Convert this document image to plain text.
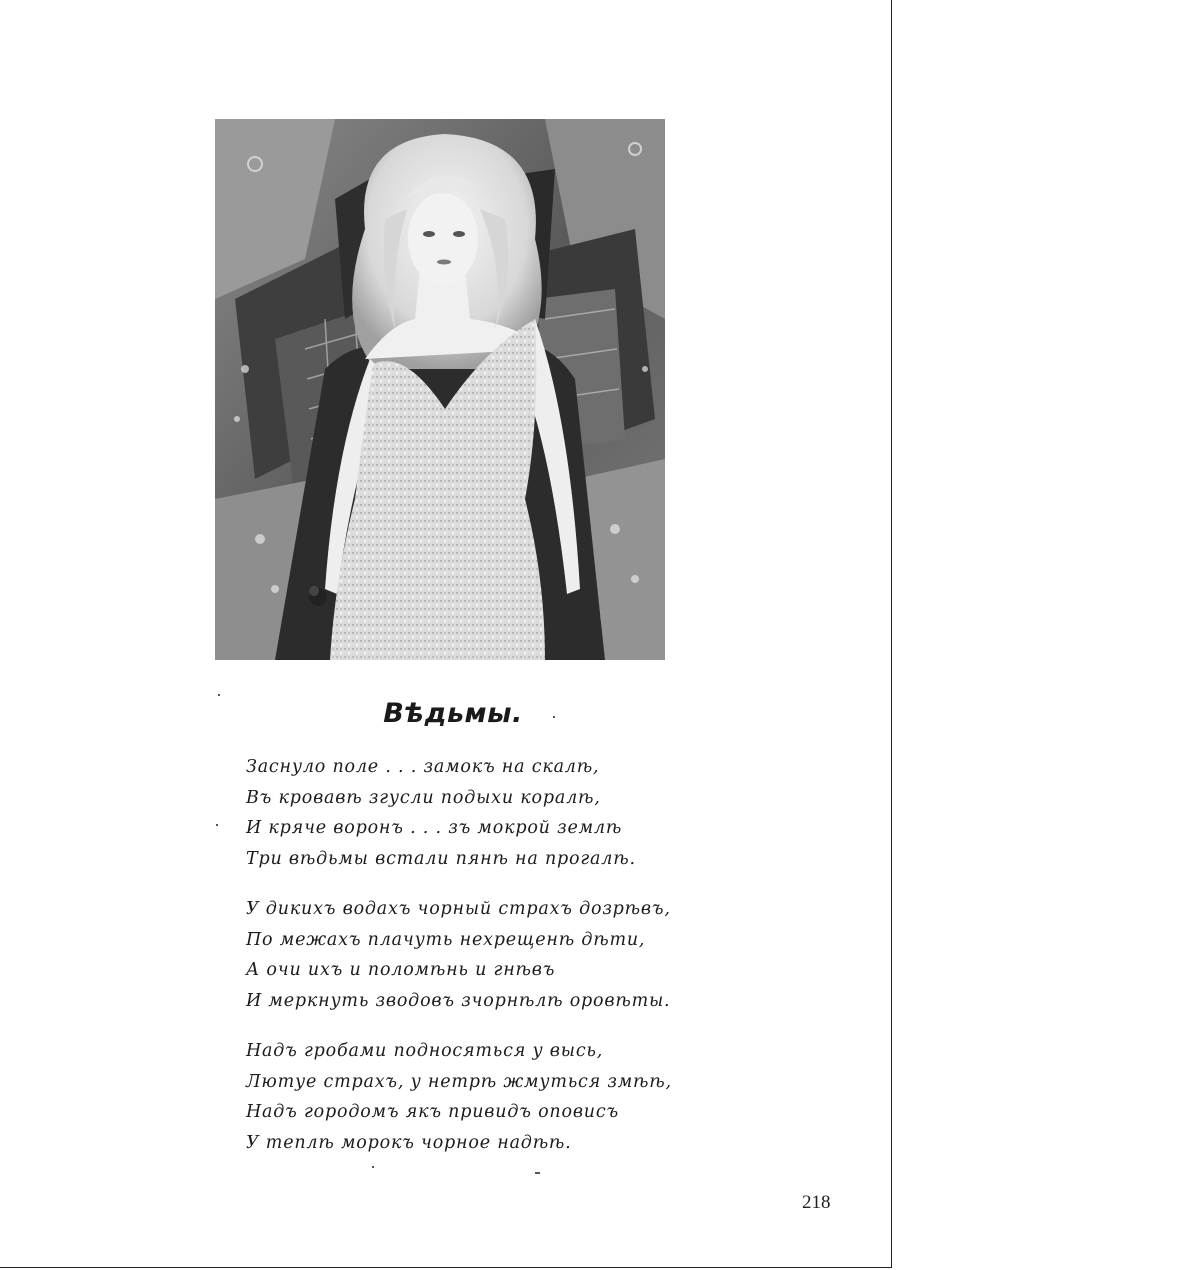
Вѣдьмы.
Заснуло поле . . . замокъ на скалѣ,
Въ кровавѣ згусли подыхи коралѣ,
И кряче воронъ . . . зъ мокрой землѣ
Три вѣдьмы встали пянѣ на прогалѣ.
У дикихъ водахъ чорный страхъ дозрѣвъ,
По межахъ плачуть нехрещенѣ дѣти,
А очи ихъ и поломѣнь и гнѣвъ
И меркнуть зводовъ зчорнѣлѣ оровѣты.
Надъ гробами подносяться у высь,
Лютуе страхъ, у нетрѣ жмуться змѣѣ,
Надъ городомъ якъ привидъ оповисъ
У теплѣ морокъ чорное надѣѣ.
218
